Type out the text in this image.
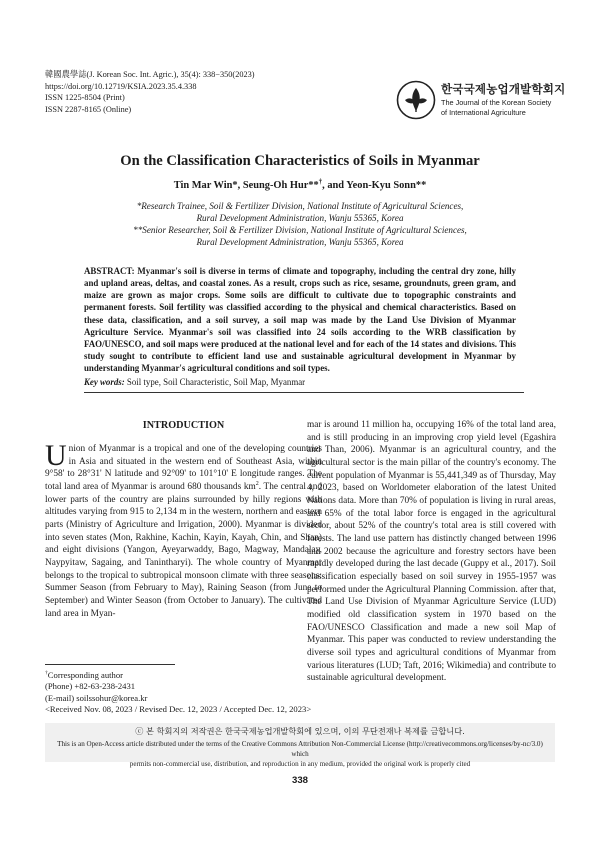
韓國農學誌(J. Korean Soc. Int. Agric.), 35(4): 338−350(2023)
https://doi.org/10.12719/KSIA.2023.35.4.338
ISSN 1225-8504 (Print)
ISSN 2287-8165 (Online)
한국국제농업개발학회지
The Journal of the Korean Society
of International Agriculture
On the Classification Characteristics of Soils in Myanmar
Tin Mar Win*, Seung-Oh Hur**†, and Yeon-Kyu Sonn**
*Research Trainee, Soil & Fertilizer Division, National Institute of Agricultural Sciences,
Rural Development Administration, Wanju 55365, Korea
**Senior Researcher, Soil & Fertilizer Division, National Institute of Agricultural Sciences,
Rural Development Administration, Wanju 55365, Korea
ABSTRACT: Myanmar's soil is diverse in terms of climate and topography, including the central dry zone, hilly and upland areas, deltas, and coastal zones. As a result, crops such as rice, sesame, groundnuts, green gram, and maize are grown as major crops. Some soils are difficult to cultivate due to topographic constraints and permanent forests. Soil fertility was classified according to the physical and chemical characteristics. Based on these data, classification, and a soil survey, a soil map was made by the Land Use Division of Myanmar Agriculture Service. Myanmar's soil was classified into 24 soils according to the WRB classification by FAO/UNESCO, and soil maps were produced at the national level and for each of the 14 states and divisions. This study sought to contribute to efficient land use and sustainable agricultural development in Myanmar by understanding Myanmar's agricultural conditions and soil types.
Key words: Soil type, Soil Characteristic, Soil Map, Myanmar
INTRODUCTION
Union of Myanmar is a tropical and one of the developing countries in Asia and situated in the western end of Southeast Asia, within 9°58' to 28°31' N latitude and 92°09' to 101°10' E longitude ranges. The total land area of Myanmar is around 680 thousands $km^2$. The central and lower parts of the country are plains surrounded by hilly regions with altitudes varying from 915 to 2,134 m in the western, northern and eastern parts (Ministry of Agriculture and Irrigation, 2000). Myanmar is divided into seven states (Mon, Rakhine, Kachin, Kayin, Kayah, Chin, and Shan) and eight divisions (Yangon, Ayeyarwaddy, Bago, Magway, Mandalay, Naypyitaw, Sagaing, and Tanintharyi). The whole country of Myanmar belongs to the tropical to subtropical monsoon climate with three seasons: Summer Season (from February to May), Raining Season (from June to September) and Winter Season (from October to January). The cultivated land area in Myan-
mar is around 11 million ha, occupying 16% of the total land area, and is still producing in an improving crop yield level (Egashira and Than, 2006). Myanmar is an agricultural country, and the agricultural sector is the main pillar of the country's economy. The current population of Myanmar is 55,441,349 as of Thursday, May 4, 2023, based on Worldometer elaboration of the latest United Nations data. More than 70% of population is living in rural areas, and 65% of the total labor force is engaged in the agricultural sector, about 52% of the country's total area is still covered with forests. The land use pattern has distinctly changed between 1996 and 2002 because the agriculture and forestry sectors have been rapidly developed during the last decade (Guppy et al., 2017). Soil classification especially based on soil survey in 1955-1957 was performed under the Agricultural Planning Commission. after that, The Land Use Division of Myanmar Agriculture Service (LUD) modified old classification system in 1970 based on the FAO/UNESCO Classification and made a new soil Map of Myanmar. This paper was conducted to review understanding the diverse soil types and agricultural conditions of Myanmar from various literatures (LUD; Taft, 2016; Wikimedia) and contribute to sustainable agricultural development.
†Corresponding author
(Phone) +82-63-238-2431
(E-mail) soilssohur@korea.kr
<Received Nov. 08, 2023 / Revised Dec. 12, 2023 / Accepted Dec. 12, 2023>
ⓒ 본 학회지의 저작권은 한국국제농업개발학회에 있으며, 이의 무단전재나 복제를 금합니다.
This is an Open-Access article distributed under the terms of the Creative Commons Attribution Non-Commercial License (http://creativecommons.org/licenses/by-nc/3.0) which
permits non-commercial use, distribution, and reproduction in any medium, provided the original work is properly cited
338
